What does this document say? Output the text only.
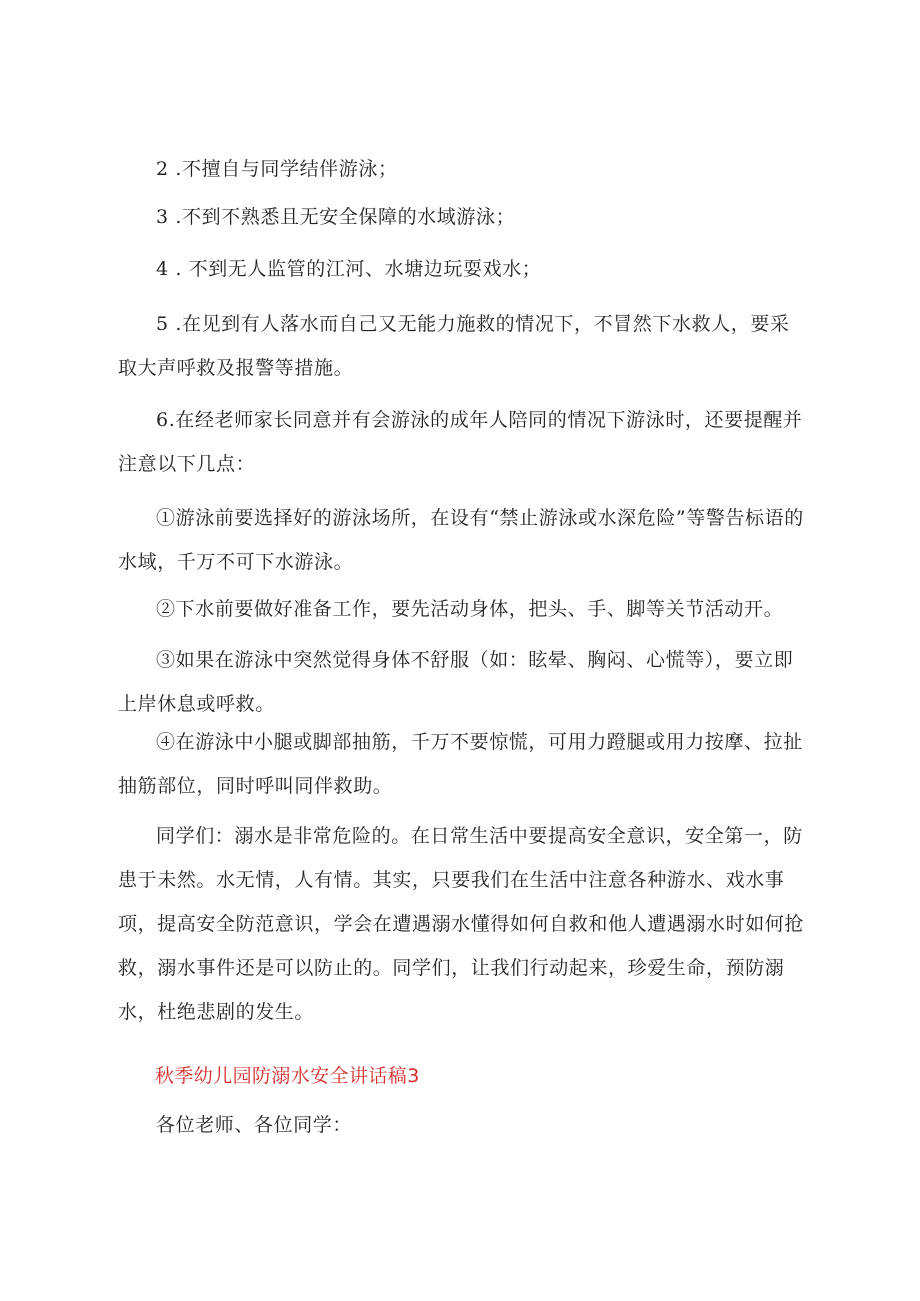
2 .不擅自与同学结伴游泳；

3 .不到不熟悉且无安全保障的水域游泳；

4 . 不到无人监管的江河、水塘边玩耍戏水；

5 .在见到有人落水而自己又无能力施救的情况下，不冒然下水救人，要采取大声呼救及报警等措施。

6.在经老师家长同意并有会游泳的成年人陪同的情况下游泳时，还要提醒并注意以下几点：

①游泳前要选择好的游泳场所，在设有“禁止游泳或水深危险”等警告标语的水域，千万不可下水游泳。

②下水前要做好准备工作，要先活动身体，把头、手、脚等关节活动开。

③如果在游泳中突然觉得身体不舒服（如：眩晕、胸闷、心慌等），要立即上岸休息或呼救。

④在游泳中小腿或脚部抽筋，千万不要惊慌，可用力蹬腿或用力按摩、拉扯抽筋部位，同时呼叫同伴救助。

同学们：溺水是非常危险的。在日常生活中要提高安全意识，安全第一，防患于未然。水无情，人有情。其实，只要我们在生活中注意各种游水、戏水事项，提高安全防范意识，学会在遭遇溺水懂得如何自救和他人遭遇溺水时如何抢救，溺水事件还是可以防止的。同学们，让我们行动起来，珍爱生命，预防溺水，杜绝悲剧的发生。

秋季幼儿园防溺水安全讲话稿3

各位老师、各位同学：
